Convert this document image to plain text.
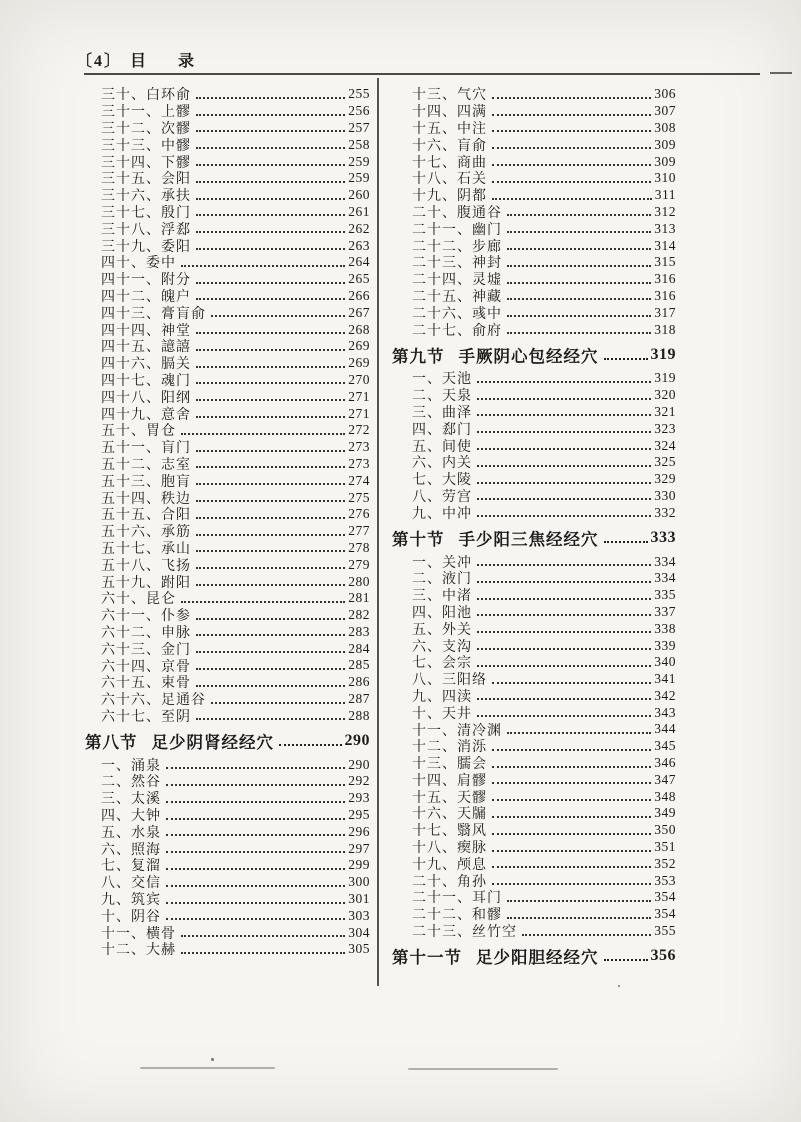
〔4〕 目 录
三十、白环俞	255
三十一、上髎	256
三十二、次髎	257
三十三、中髎	258
三十四、下髎	259
三十五、会阳	259
三十六、承扶	260
三十七、殷门	261
三十八、浮郄	262
三十九、委阳	263
四十、委中	264
四十一、附分	265
四十二、魄户	266
四十三、膏肓俞	267
四十四、神堂	268
四十五、譩譆	269
四十六、膈关	269
四十七、魂门	270
四十八、阳纲	271
四十九、意舍	271
五十、胃仓	272
五十一、肓门	273
五十二、志室	273
五十三、胞肓	274
五十四、秩边	275
五十五、合阳	276
五十六、承筋	277
五十七、承山	278
五十八、飞扬	279
五十九、跗阳	280
六十、昆仑	281
六十一、仆参	282
六十二、申脉	283
六十三、金门	284
六十四、京骨	285
六十五、束骨	286
六十六、足通谷	287
六十七、至阴	288
第八节 足少阴肾经经穴	290
一、涌泉	290
二、然谷	292
三、太溪	293
四、大钟	295
五、水泉	296
六、照海	297
七、复溜	299
八、交信	300
九、筑宾	301
十、阴谷	303
十一、横骨	304
十二、大赫	305
十三、气穴	306
十四、四满	307
十五、中注	308
十六、肓俞	309
十七、商曲	309
十八、石关	310
十九、阴都	311
二十、腹通谷	312
二十一、幽门	313
二十二、步廊	314
二十三、神封	315
二十四、灵墟	316
二十五、神藏	316
二十六、彧中	317
二十七、俞府	318
第九节 手厥阴心包经经穴	319
一、天池	319
二、天泉	320
三、曲泽	321
四、郄门	323
五、间使	324
六、内关	325
七、大陵	329
八、劳宫	330
九、中冲	332
第十节 手少阳三焦经经穴	333
一、关冲	334
二、液门	334
三、中渚	335
四、阳池	337
五、外关	338
六、支沟	339
七、会宗	340
八、三阳络	341
九、四渎	342
十、天井	343
十一、清冷渊	344
十二、消泺	345
十三、臑会	346
十四、肩髎	347
十五、天髎	348
十六、天牖	349
十七、翳风	350
十八、瘈脉	351
十九、颅息	352
二十、角孙	353
二十一、耳门	354
二十二、和髎	354
二十三、丝竹空	355
第十一节 足少阳胆经经穴	356
